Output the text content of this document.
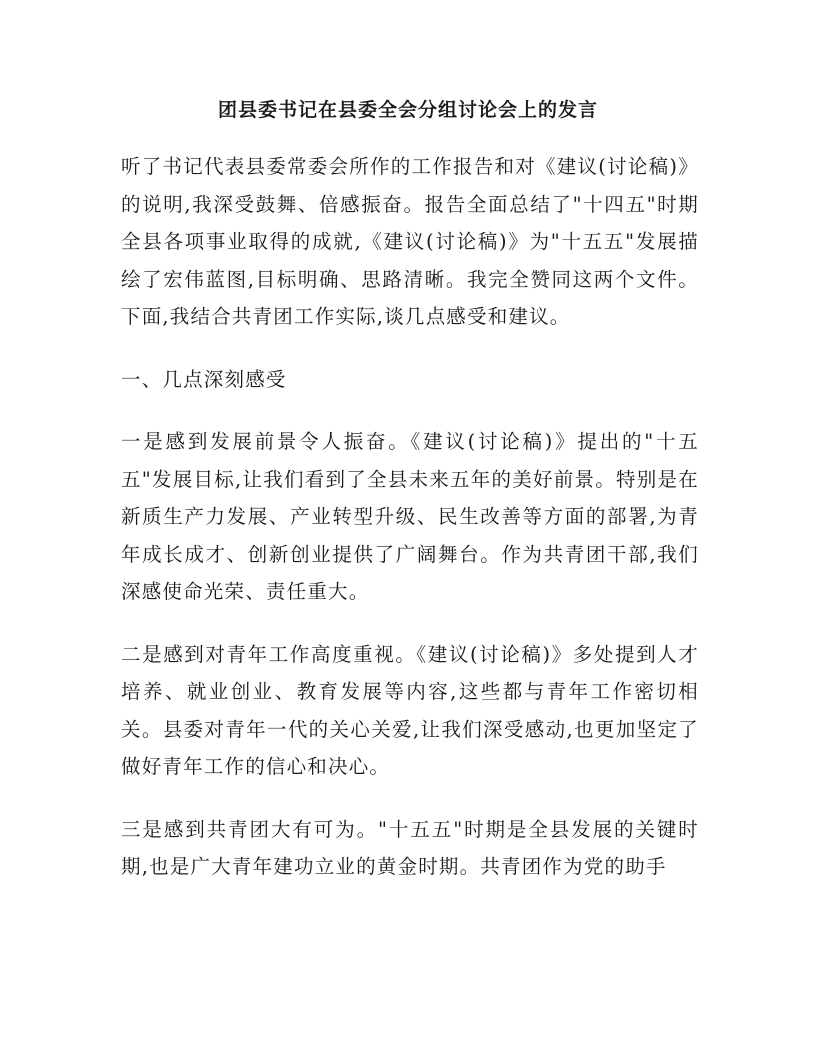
团县委书记在县委全会分组讨论会上的发言

听了书记代表县委常委会所作的工作报告和对《建议(讨论稿)》的说明,我深受鼓舞、倍感振奋。报告全面总结了"十四五"时期全县各项事业取得的成就,《建议(讨论稿)》为"十五五"发展描绘了宏伟蓝图,目标明确、思路清晰。我完全赞同这两个文件。下面,我结合共青团工作实际,谈几点感受和建议。

一、几点深刻感受

一是感到发展前景令人振奋。《建议(讨论稿)》提出的"十五五"发展目标,让我们看到了全县未来五年的美好前景。特别是在新质生产力发展、产业转型升级、民生改善等方面的部署,为青年成长成才、创新创业提供了广阔舞台。作为共青团干部,我们深感使命光荣、责任重大。

二是感到对青年工作高度重视。《建议(讨论稿)》多处提到人才培养、就业创业、教育发展等内容,这些都与青年工作密切相关。县委对青年一代的关心关爱,让我们深受感动,也更加坚定了做好青年工作的信心和决心。

三是感到共青团大有可为。"十五五"时期是全县发展的关键时期,也是广大青年建功立业的黄金时期。共青团作为党的助手
